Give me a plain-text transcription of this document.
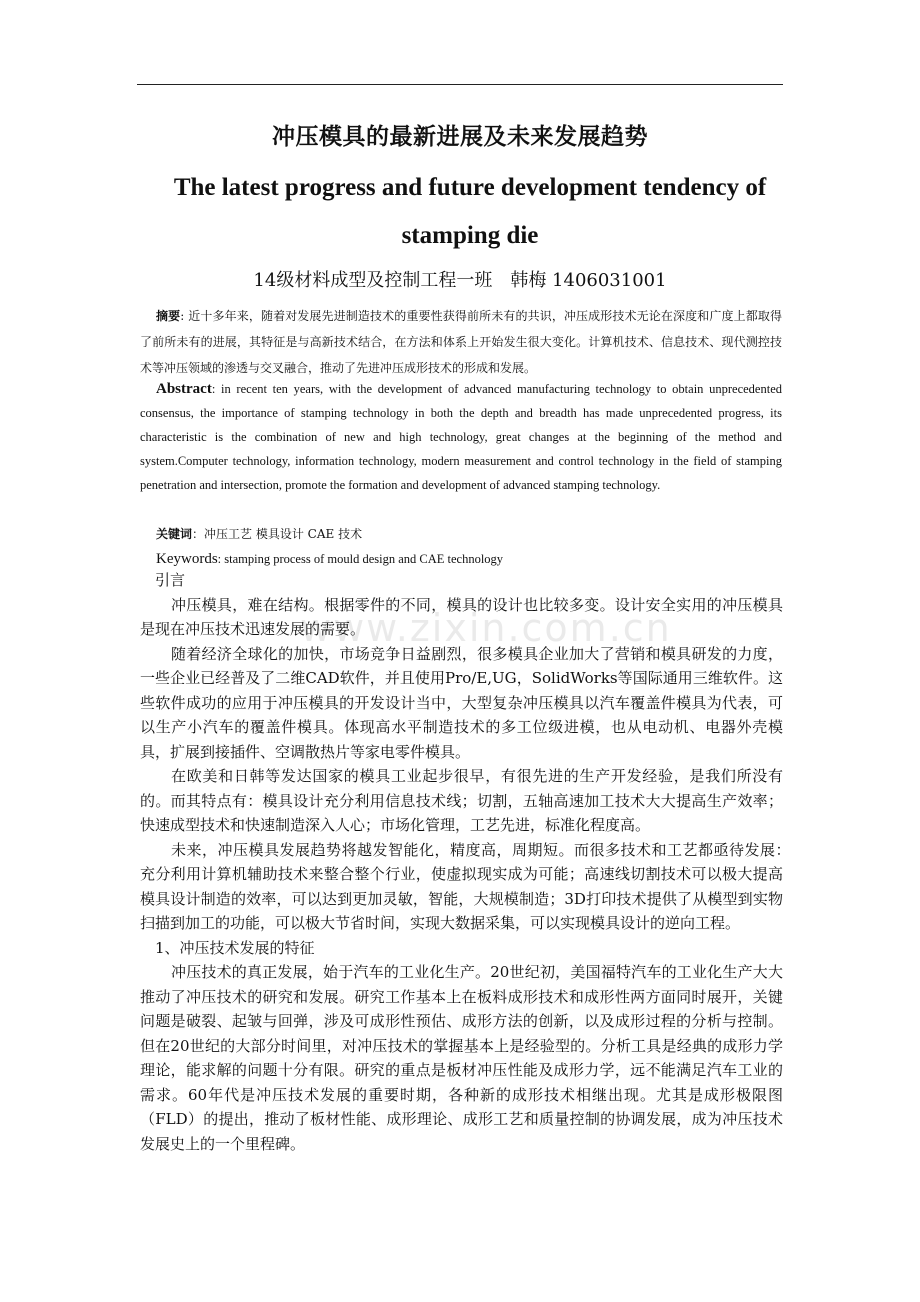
冲压模具的最新进展及未来发展趋势
The latest progress and future development tendency of stamping die
14级材料成型及控制工程一班　韩梅 1406031001
摘要: 近十多年来，随着对发展先进制造技术的重要性获得前所未有的共识，冲压成形技术无论在深度和广度上都取得了前所未有的进展，其特征是与高新技术结合，在方法和体系上开始发生很大变化。计算机技术、信息技术、现代测控技术等冲压领域的渗透与交叉融合，推动了先进冲压成形技术的形成和发展。
Abstract: in recent ten years, with the development of advanced manufacturing technology to obtain unprecedented consensus, the importance of stamping technology in both the depth and breadth has made unprecedented progress, its characteristic is the combination of new and high technology, great changes at the beginning of the method and system.Computer technology, information technology, modern measurement and control technology in the field of stamping penetration and intersection, promote the formation and development of advanced stamping technology.
关键词：冲压工艺 模具设计 CAE 技术
Keywords: stamping process of mould design and CAE technology
www.zixin.com.cn

引言

冲压模具，难在结构。根据零件的不同，模具的设计也比较多变。设计安全实用的冲压模具是现在冲压技术迅速发展的需要。

随着经济全球化的加快，市场竞争日益剧烈，很多模具企业加大了营销和模具研发的力度，一些企业已经普及了二维CAD软件，并且使用Pro/E,UG，SolidWorks等国际通用三维软件。这些软件成功的应用于冲压模具的开发设计当中，大型复杂冲压模具以汽车覆盖件模具为代表，可以生产小汽车的覆盖件模具。体现高水平制造技术的多工位级进模，也从电动机、电器外壳模具，扩展到接插件、空调散热片等家电零件模具。

在欧美和日韩等发达国家的模具工业起步很早，有很先进的生产开发经验，是我们所没有的。而其特点有：模具设计充分利用信息技术线；切割，五轴高速加工技术大大提高生产效率；快速成型技术和快速制造深入人心；市场化管理，工艺先进，标准化程度高。

未来，冲压模具发展趋势将越发智能化，精度高，周期短。而很多技术和工艺都亟待发展：　充分利用计算机辅助技术来整合整个行业，使虚拟现实成为可能；高速线切割技术可以极大提高模具设计制造的效率，可以达到更加灵敏，智能，大规模制造；3D打印技术提供了从模型到实物扫描到加工的功能，可以极大节省时间，实现大数据采集，可以实现模具设计的逆向工程。

1、冲压技术发展的特征

冲压技术的真正发展，始于汽车的工业化生产。20世纪初，美国福特汽车的工业化生产大大推动了冲压技术的研究和发展。研究工作基本上在板料成形技术和成形性两方面同时展开，关键问题是破裂、起皱与回弹，涉及可成形性预估、成形方法的创新，以及成形过程的分析与控制。但在20世纪的大部分时间里，对冲压技术的掌握基本上是经验型的。分析工具是经典的成形力学理论，能求解的问题十分有限。研究的重点是板材冲压性能及成形力学，远不能满足汽车工业的需求。60年代是冲压技术发展的重要时期，各种新的成形技术相继出现。尤其是成形极限图（FLD）的提出，推动了板材性能、成形理论、成形工艺和质量控制的协调发展，成为冲压技术发展史上的一个里程碑。
